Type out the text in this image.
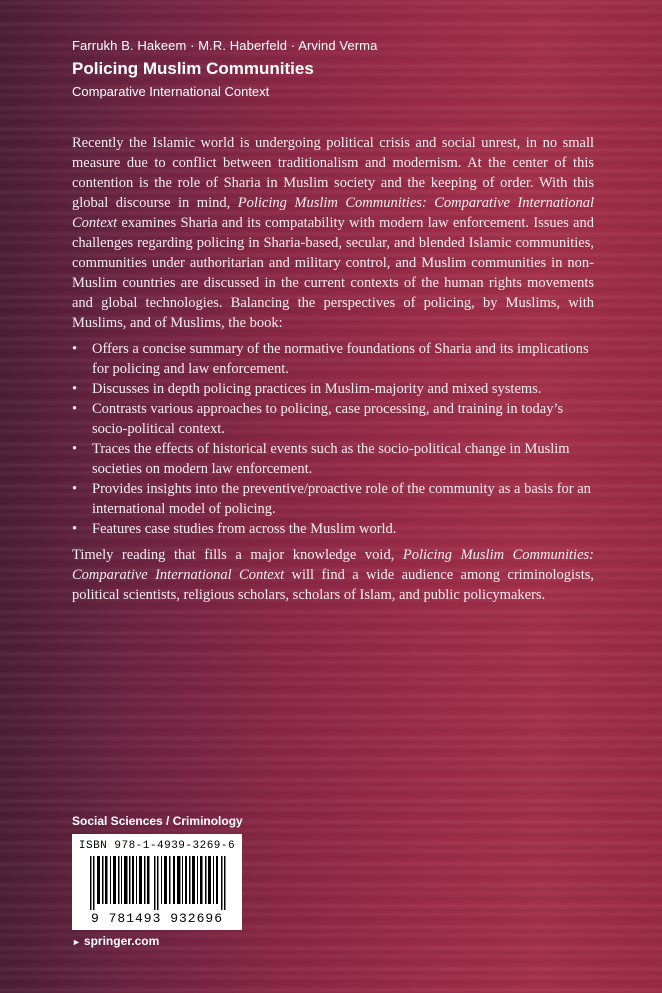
Farrukh B. Hakeem · M.R. Haberfeld · Arvind Verma

Policing Muslim Communities

Comparative International Context

Recently the Islamic world is undergoing political crisis and social unrest, in no small measure due to conflict between traditionalism and modernism. At the center of this contention is the role of Sharia in Muslim society and the keeping of order. With this global discourse in mind, Policing Muslim Communities: Comparative International Context examines Sharia and its compatability with modern law enforcement. Issues and challenges regarding policing in Sharia-based, secular, and blended Islamic communities, communities under authoritarian and military control, and Muslim communities in non-Muslim countries are discussed in the current contexts of the human rights movements and global technologies. Balancing the perspectives of policing, by Muslims, with Muslims, and of Muslims, the book:

• Offers a concise summary of the normative foundations of Sharia and its implications for policing and law enforcement.
• Discusses in depth policing practices in Muslim-majority and mixed systems.
• Contrasts various approaches to policing, case processing, and training in today’s socio-political context.
• Traces the effects of historical events such as the socio-political change in Muslim societies on modern law enforcement.
• Provides insights into the preventive/proactive role of the community as a basis for an international model of policing.
• Features case studies from across the Muslim world.

Timely reading that fills a major knowledge void, Policing Muslim Communities: Comparative International Context will find a wide audience among criminologists, political scientists, religious scholars, scholars of Islam, and public policymakers.

Social Sciences / Criminology
ISBN 978-1-4939-3269-6
9 781493 932696
► springer.com
